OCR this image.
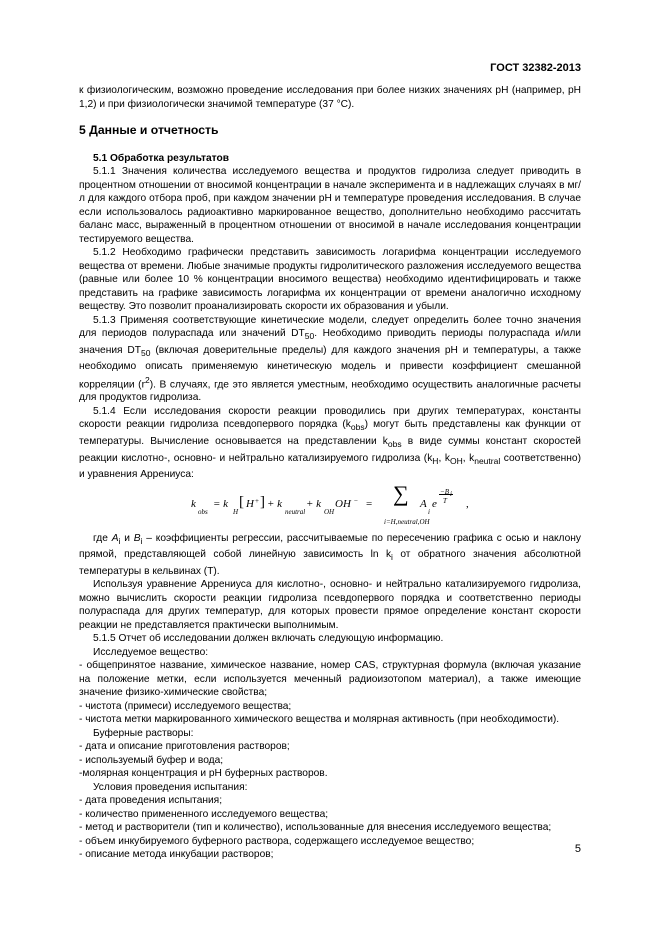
ГОСТ 32382-2013

к физиологическим, возможно проведение исследования при более низких значениях pH (например, pH 1,2) и при физиологически значимой температуре (37 °С).

5 Данные и отчетность

5.1 Обработка результатов

5.1.1 Значения количества исследуемого вещества и продуктов гидролиза следует приводить в процентном отношении от вносимой концентрации в начале эксперимента и в надлежащих случаях в мг/л для каждого отбора проб, при каждом значении pH и температуре проведения исследования. В случае если использовалось радиоактивно маркированное вещество, дополнительно необходимо рассчитать баланс масс, выраженный в процентном отношении от вносимой в начале исследования концентрации тестируемого вещества.

5.1.2 Необходимо графически представить зависимость логарифма концентрации исследуемого вещества от времени. Любые значимые продукты гидролитического разложения исследуемого вещества (равные или более 10 % концентрации вносимого вещества) необходимо идентифицировать и также представить на графике зависимость логарифма их концентрации от времени аналогично исходному веществу. Это позволит проанализировать скорости их образования и убыли.

5.1.3 Применяя соответствующие кинетические модели, следует определить более точно значения для периодов полураспада или значений $DT_{50}$. Необходимо приводить периоды полураспада и/или значения $DT_{50}$ (включая доверительные пределы) для каждого значения pH и температуры, а также необходимо описать применяемую кинетическую модель и привести коэффициент смешанной корреляции $(r^2)$. В случаях, где это является уместным, необходимо осуществить аналогичные расчеты для продуктов гидролиза.

5.1.4 Если исследования скорости реакции проводились при других температурах, константы скорости реакции гидролиза псевдопервого порядка $(k_{obs})$ могут быть представлены как функции от температуры. Вычисление основывается на представлении $k_{obs}$ в виде суммы констант скоростей реакции кислотно-, основно- и нейтрально катализируемого гидролиза ($k_H$, $k_{OH}$, $k_{neutral}$ соответственно) и уравнения Аррениуса:

k
obs
= k
H
[ H + ] + k
neutral
+ k
OH
OH − = ∑
i=H,neutral,OH
A
i
e
−B i
T ,

где $A_i$ и $B_i$ – коэффициенты регрессии, рассчитываемые по пересечению графика с осью и наклону прямой, представляющей собой линейную зависимость $\ln k_i$ от обратного значения абсолютной температуры в кельвинах (Т).

Используя уравнение Аррениуса для кислотно-, основно- и нейтрально катализируемого гидролиза, можно вычислить скорости реакции гидролиза псевдопервого порядка и соответственно периоды полураспада для других температур, для которых провести прямое определение констант скорости реакции не представляется практически выполнимым.

5.1.5 Отчет об исследовании должен включать следующую информацию.

Исследуемое вещество:

- общепринятое название, химическое название, номер CAS, структурная формула (включая указание на положение метки, если используется меченный радиоизотопом материал), а также имеющие значение физико-химические свойства;

- чистота (примеси) исследуемого вещества;

- чистота метки маркированного химического вещества и молярная активность (при необходимости).

Буферные растворы:

- дата и описание приготовления растворов;

- используемый буфер и вода;

-молярная концентрация и pH буферных растворов.

Условия проведения испытания:

- дата проведения испытания;

- количество примененного исследуемого вещества;

- метод и растворители (тип и количество), использованные для внесения исследуемого вещества;

- объем инкубируемого буферного раствора, содержащего исследуемое вещество;

- описание метода инкубации растворов;	5
